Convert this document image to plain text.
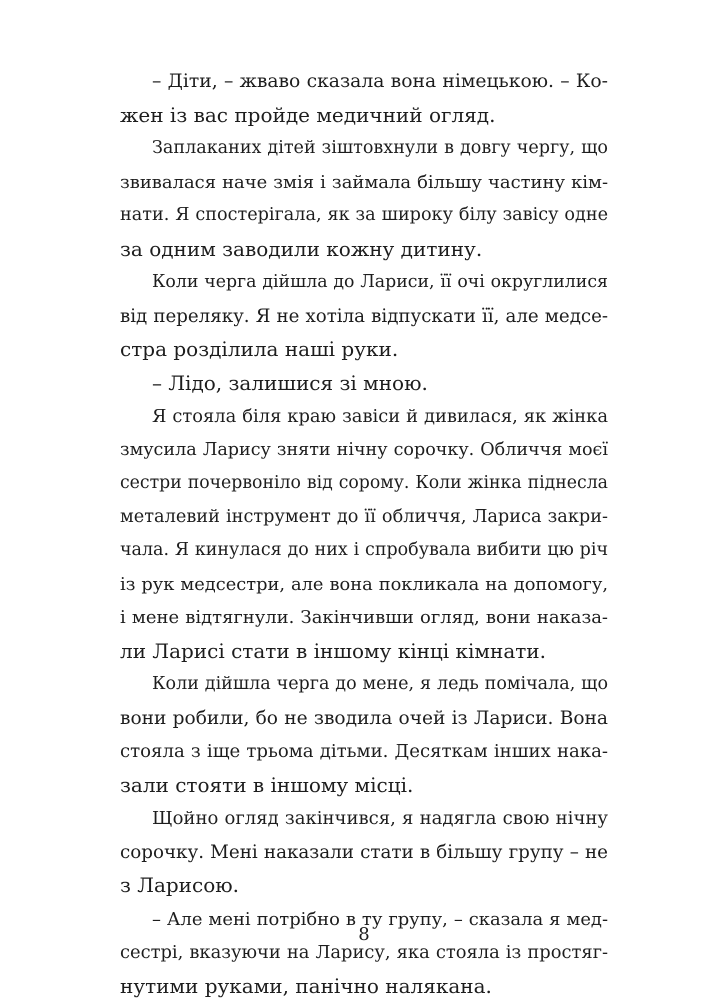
– Діти, – жваво сказала вона німецькою. – Ко-
жен із вас пройде медичний огляд.
Заплаканих дітей зіштовхнули в довгу чергу, що
звивалася наче змія і займала більшу частину кім-
нати. Я спостерігала, як за широку білу завісу одне
за одним заводили кожну дитину.
Коли черга дійшла до Лариси, її очі округлилися
від переляку. Я не хотіла відпускати її, але медсе-
стра розділила наші руки.
– Лідо, залишися зі мною.
Я стояла біля краю завіси й дивилася, як жінка
змусила Ларису зняти нічну сорочку. Обличчя моєї
сестри почервоніло від сорому. Коли жінка піднесла
металевий інструмент до її обличчя, Лариса закри-
чала. Я кинулася до них і спробувала вибити цю річ
із рук медсестри, але вона покликала на допомогу,
і мене відтягнули. Закінчивши огляд, вони наказа-
ли Ларисі стати в іншому кінці кімнати.
Коли дійшла черга до мене, я ледь помічала, що
вони робили, бо не зводила очей із Лариси. Вона
стояла з іще трьома дітьми. Десяткам інших нака-
зали стояти в іншому місці.
Щойно огляд закінчився, я надягла свою нічну
сорочку. Мені наказали стати в більшу групу – не
з Ларисою.
– Але мені потрібно в ту групу, – сказала я мед-
сестрі, вказуючи на Ларису, яка стояла із простяг-
нутими руками, панічно налякана.
8
